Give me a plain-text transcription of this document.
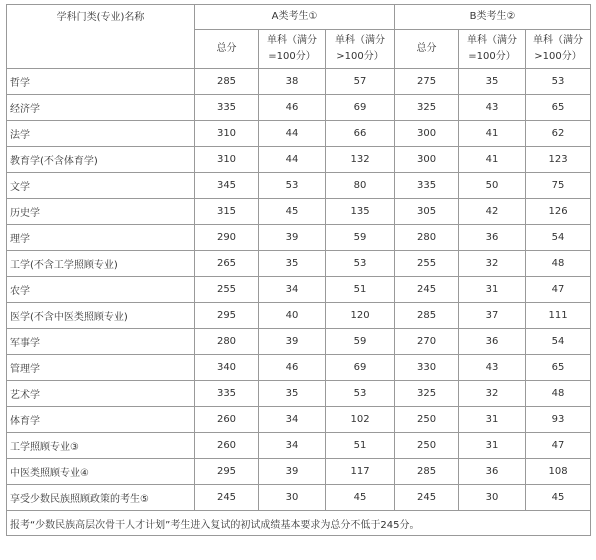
学科门类(专业)名称	A类考生①			B类考生②		
	总分	单科（满分=100分）	单科（满分>100分）	总分	单科（满分=100分）	单科（满分>100分）
哲学	285	38	57	275	35	53
经济学	335	46	69	325	43	65
法学	310	44	66	300	41	62
教育学(不含体育学)	310	44	132	300	41	123
文学	345	53	80	335	50	75
历史学	315	45	135	305	42	126
理学	290	39	59	280	36	54
工学(不含工学照顾专业)	265	35	53	255	32	48
农学	255	34	51	245	31	47
医学(不含中医类照顾专业)	295	40	120	285	37	111
军事学	280	39	59	270	36	54
管理学	340	46	69	330	43	65
艺术学	335	35	53	325	32	48
体育学	260	34	102	250	31	93
工学照顾专业③	260	34	51	250	31	47
中医类照顾专业④	295	39	117	285	36	108
享受少数民族照顾政策的考生⑤	245	30	45	245	30	45
报考“少数民族高层次骨干人才计划”考生进入复试的初试成绩基本要求为总分不低于245分。						
